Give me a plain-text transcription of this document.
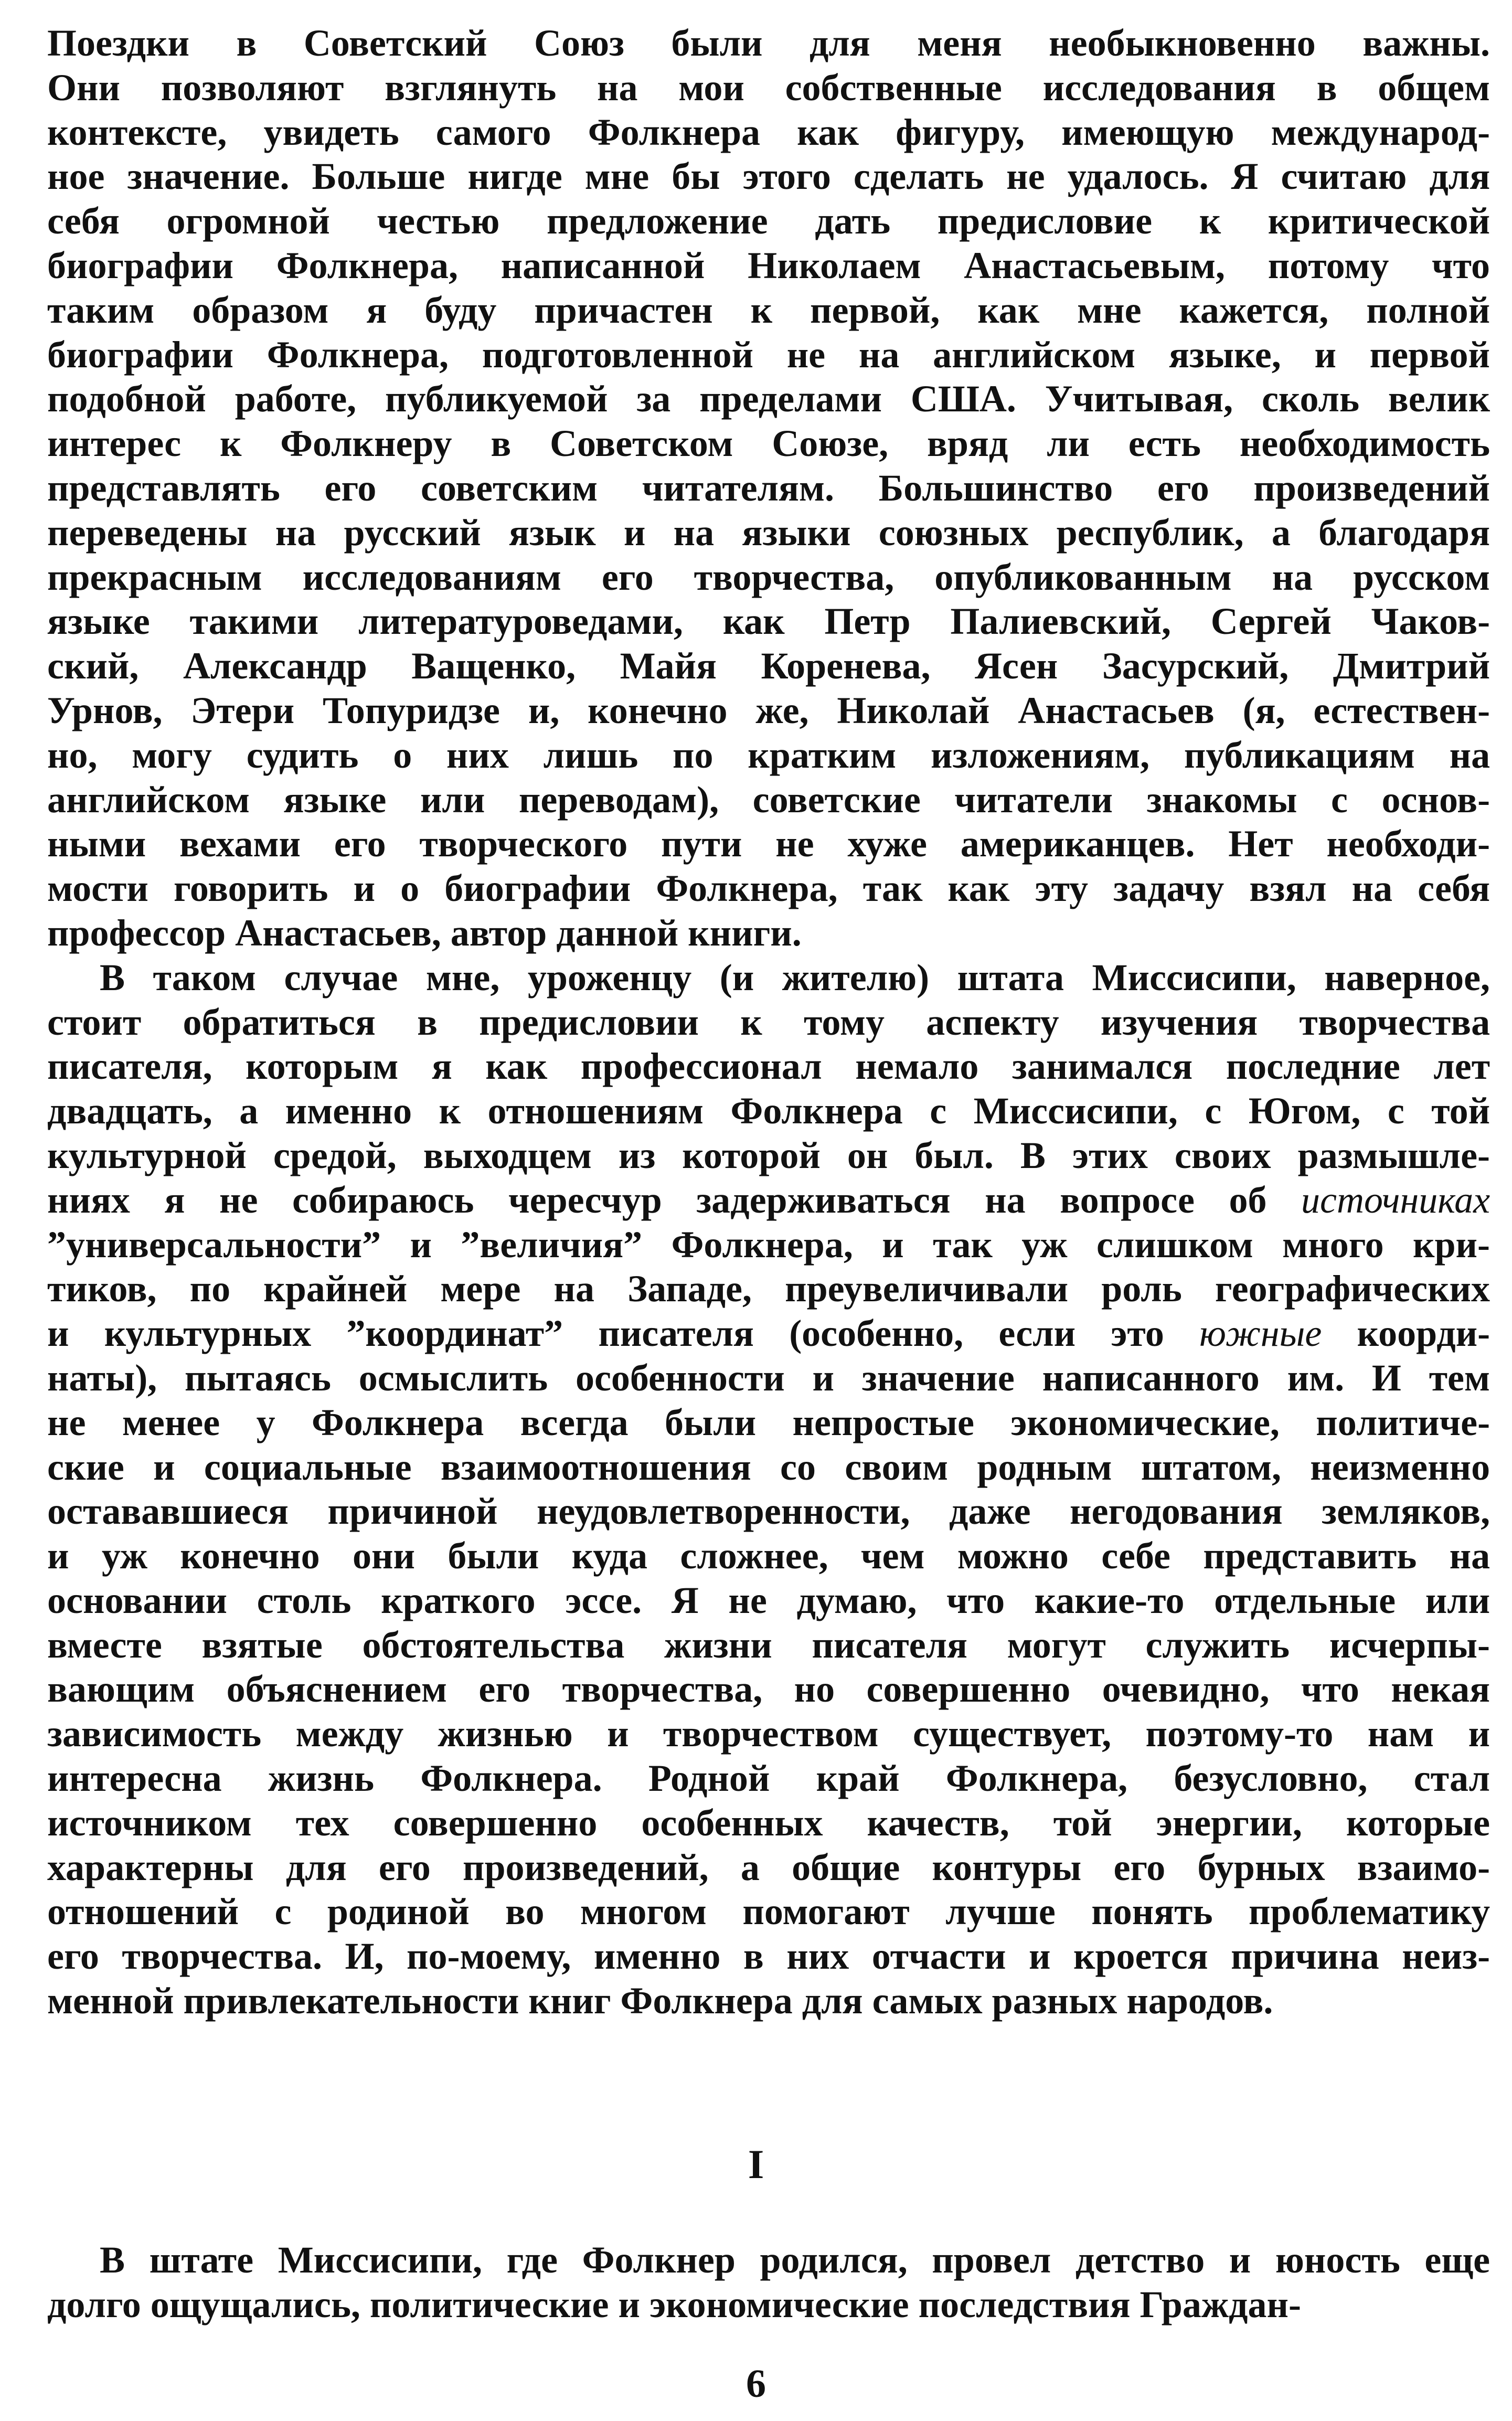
Поездки в Советский Союз были для меня необыкновенно важны.
Они позволяют взглянуть на мои собственные исследования в общем
контексте, увидеть самого Фолкнера как фигуру, имеющую международ-
ное значение. Больше нигде мне бы этого сделать не удалось. Я считаю для
себя огромной честью предложение дать предисловие к критической
биографии Фолкнера, написанной Николаем Анастасьевым, потому что
таким образом я буду причастен к первой, как мне кажется, полной
биографии Фолкнера, подготовленной не на английском языке, и первой
подобной работе, публикуемой за пределами США. Учитывая, сколь велик
интерес к Фолкнеру в Советском Союзе, вряд ли есть необходимость
представлять его советским читателям. Большинство его произведений
переведены на русский язык и на языки союзных республик, а благодаря
прекрасным исследованиям его творчества, опубликованным на русском
языке такими литературоведами, как Петр Палиевский, Сергей Чаков-
ский, Александр Ващенко, Майя Коренева, Ясен Засурский, Дмитрий
Урнов, Этери Топуридзе и, конечно же, Николай Анастасьев (я, естествен-
но, могу судить о них лишь по кратким изложениям, публикациям на
английском языке или переводам), советские читатели знакомы с основ-
ными вехами его творческого пути не хуже американцев. Нет необходи-
мости говорить и о биографии Фолкнера, так как эту задачу взял на себя
профессор Анастасьев, автор данной книги.

В таком случае мне, уроженцу (и жителю) штата Миссисипи, наверное,
стоит обратиться в предисловии к тому аспекту изучения творчества
писателя, которым я как профессионал немало занимался последние лет
двадцать, а именно к отношениям Фолкнера с Миссисипи, с Югом, с той
культурной средой, выходцем из которой он был. В этих своих размышле-
ниях я не собираюсь чересчур задерживаться на вопросе об источниках
”универсальности” и ”величия” Фолкнера, и так уж слишком много кри-
тиков, по крайней мере на Западе, преувеличивали роль географических
и культурных ”координат” писателя (особенно, если это южные коорди-
наты), пытаясь осмыслить особенности и значение написанного им. И тем
не менее у Фолкнера всегда были непростые экономические, политиче-
ские и социальные взаимоотношения со своим родным штатом, неизменно
остававшиеся причиной неудовлетворенности, даже негодования земляков,
и уж конечно они были куда сложнее, чем можно себе представить на
основании столь краткого эссе. Я не думаю, что какие-то отдельные или
вместе взятые обстоятельства жизни писателя могут служить исчерпы-
вающим объяснением его творчества, но совершенно очевидно, что некая
зависимость между жизнью и творчеством существует, поэтому-то нам и
интересна жизнь Фолкнера. Родной край Фолкнера, безусловно, стал
источником тех совершенно особенных качеств, той энергии, которые
характерны для его произведений, а общие контуры его бурных взаимо-
отношений с родиной во многом помогают лучше понять проблематику
его творчества. И, по-моему, именно в них отчасти и кроется причина неиз-
менной привлекательности книг Фолкнера для самых разных народов.

I

В штате Миссисипи, где Фолкнер родился, провел детство и юность еще
долго ощущались, политические и экономические последствия Граждан-

6
